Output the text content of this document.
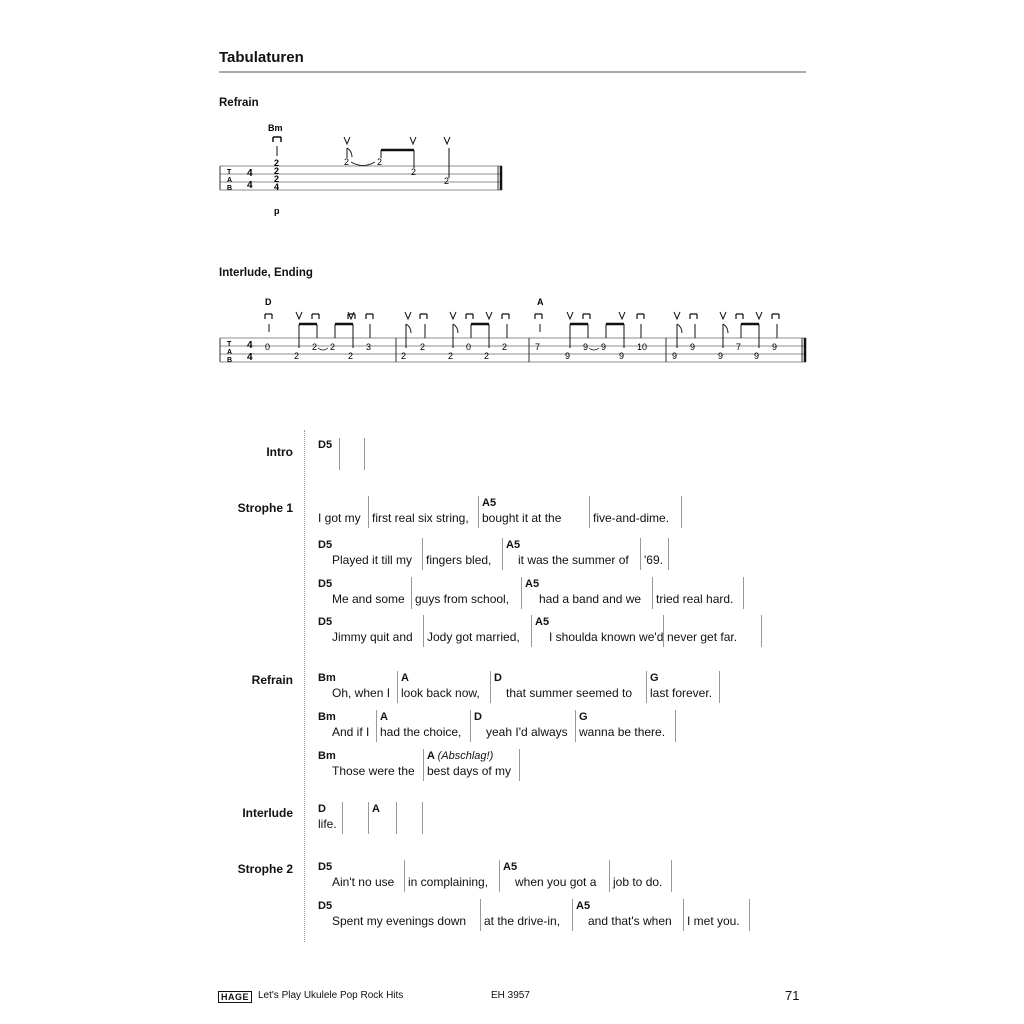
Tabulaturen
Refrain
T
A
B
4
4
Bm
2
2
2
4
p
2	2
2
2
Interlude, Ending
T
A
B
4
4
D	A
0
2
2 2
2
3
2
2
2
0
2
2	7
9
9 9
9
10
9
9
9
7
9
9
Intro D5
Strophe 1
I got my first real six string,
A5
bought it at the	five-and-dime.
D5
Played it till my fingers bled,
A5
it was the summer of '69.
D5
Me and some guys from school,
A5
had a band and we tried real hard.
D5
Jimmy quit and Jody got married,
A5
I shoulda known we'd never get far.
Refrain Bm
Oh, when I
A
look back now,
D
that summer seemed to
G
last forever.
Bm
And if I
A
had the choice,
D
yeah I'd always
G
wanna be there.
Bm
Those were the
A (Abschlag!)
best days of my
Interlude D
life.
A
Strophe 2 D5
Ain't no use in complaining,
A5
when you got a job to do.
D5
Spent my evenings down at the drive-in,
A5
and that's when I met you.
HAGE Let's Play Ukulele Pop Rock Hits	EH 3957	71
